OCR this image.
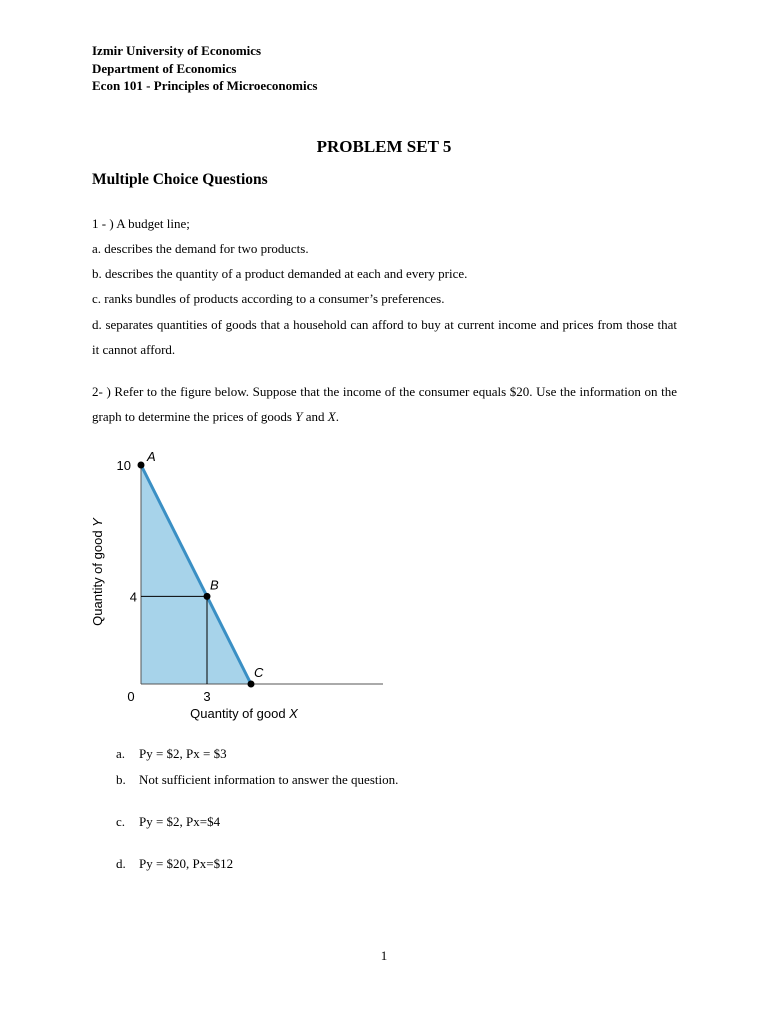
Izmir University of Economics
Department of Economics
Econ 101 - Principles of Microeconomics
PROBLEM SET 5
Multiple Choice Questions
1 - ) A budget line;
a. describes the demand for two products.
b. describes the quantity of a product demanded at each and every price.
c. ranks bundles of products according to a consumer’s preferences.
d. separates quantities of goods that a household can afford to buy at current income and prices from those that it cannot afford.
2- ) Refer to the figure below. Suppose that the income of the consumer equals $20. Use the information on the graph to determine the prices of goods Y and X.
A
B
C
10
4
0	3
Quantity of good X
Quantity of good Y
a. Py = $2, Px = $3
b. Not sufficient information to answer the question.
c. Py = $2, Px=$4
d. Py = $20, Px=$12
1
